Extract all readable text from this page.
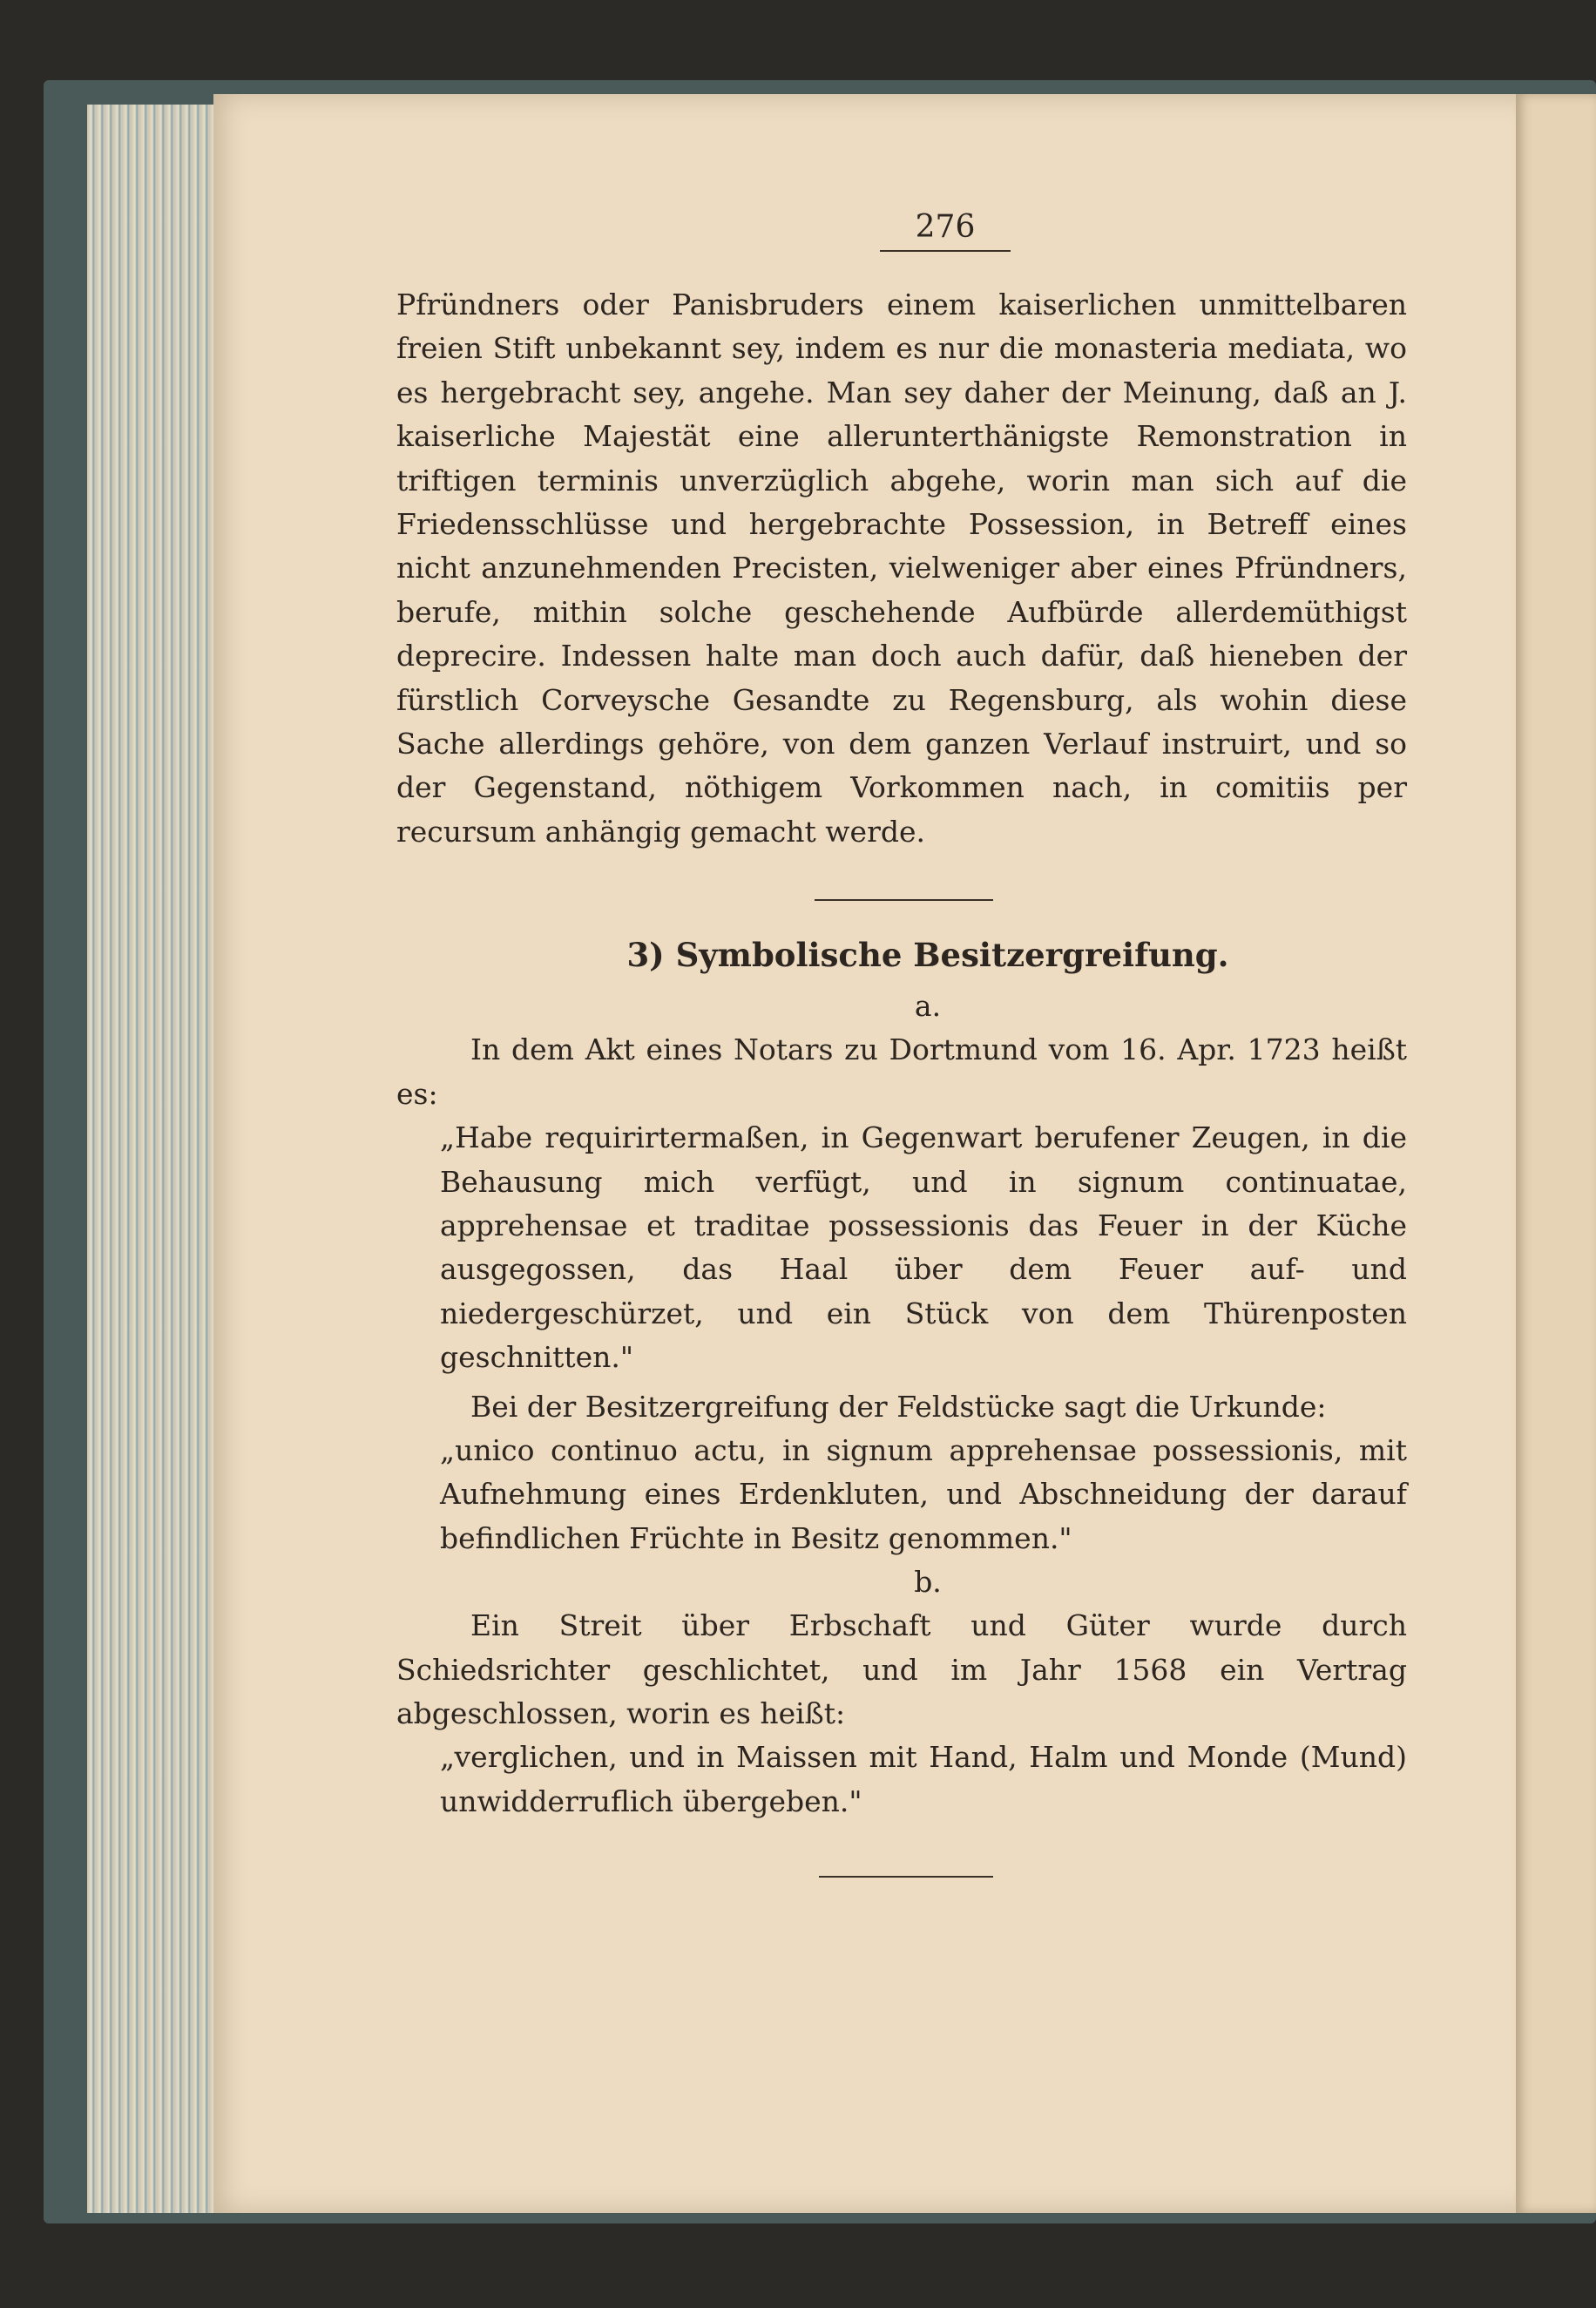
276

Pfründners oder Panisbruders einem kaiserlichen unmittelbaren freien Stift unbekannt sey, indem es nur die monasteria mediata, wo es hergebracht sey, angehe. Man sey daher der Meinung, daß an J. kaiserliche Majestät eine allerunterthänigste Remonstration in triftigen terminis unverzüglich abgehe, worin man sich auf die Friedensschlüsse und hergebrachte Possession, in Betreff eines nicht anzunehmenden Precisten, vielweniger aber eines Pfründners, berufe, mithin solche geschehende Aufbürde allerdemüthigst deprecire. Indessen halte man doch auch dafür, daß hieneben der fürstlich Corveysche Gesandte zu Regensburg, als wohin diese Sache allerdings gehöre, von dem ganzen Verlauf instruirt, und so der Gegenstand, nöthigem Vorkommen nach, in comitiis per recursum anhängig gemacht werde.

3) Symbolische Besitzergreifung.

a.

In dem Akt eines Notars zu Dortmund vom 16. Apr. 1723 heißt es:

„Habe requirirtermaßen, in Gegenwart berufener Zeugen, in die Behausung mich verfügt, und in signum continuatae, apprehensae et traditae possessionis das Feuer in der Küche ausgegossen, das Haal über dem Feuer auf- und niedergeschürzet, und ein Stück von dem Thürenposten geschnitten."

Bei der Besitzergreifung der Feldstücke sagt die Urkunde:

„unico continuo actu, in signum apprehensae possessionis, mit Aufnehmung eines Erdenkluten, und Abschneidung der darauf befindlichen Früchte in Besitz genommen."

b.

Ein Streit über Erbschaft und Güter wurde durch Schiedsrichter geschlichtet, und im Jahr 1568 ein Vertrag abgeschlossen, worin es heißt:

„verglichen, und in Maissen mit Hand, Halm und Monde (Mund) unwidderruflich übergeben."
